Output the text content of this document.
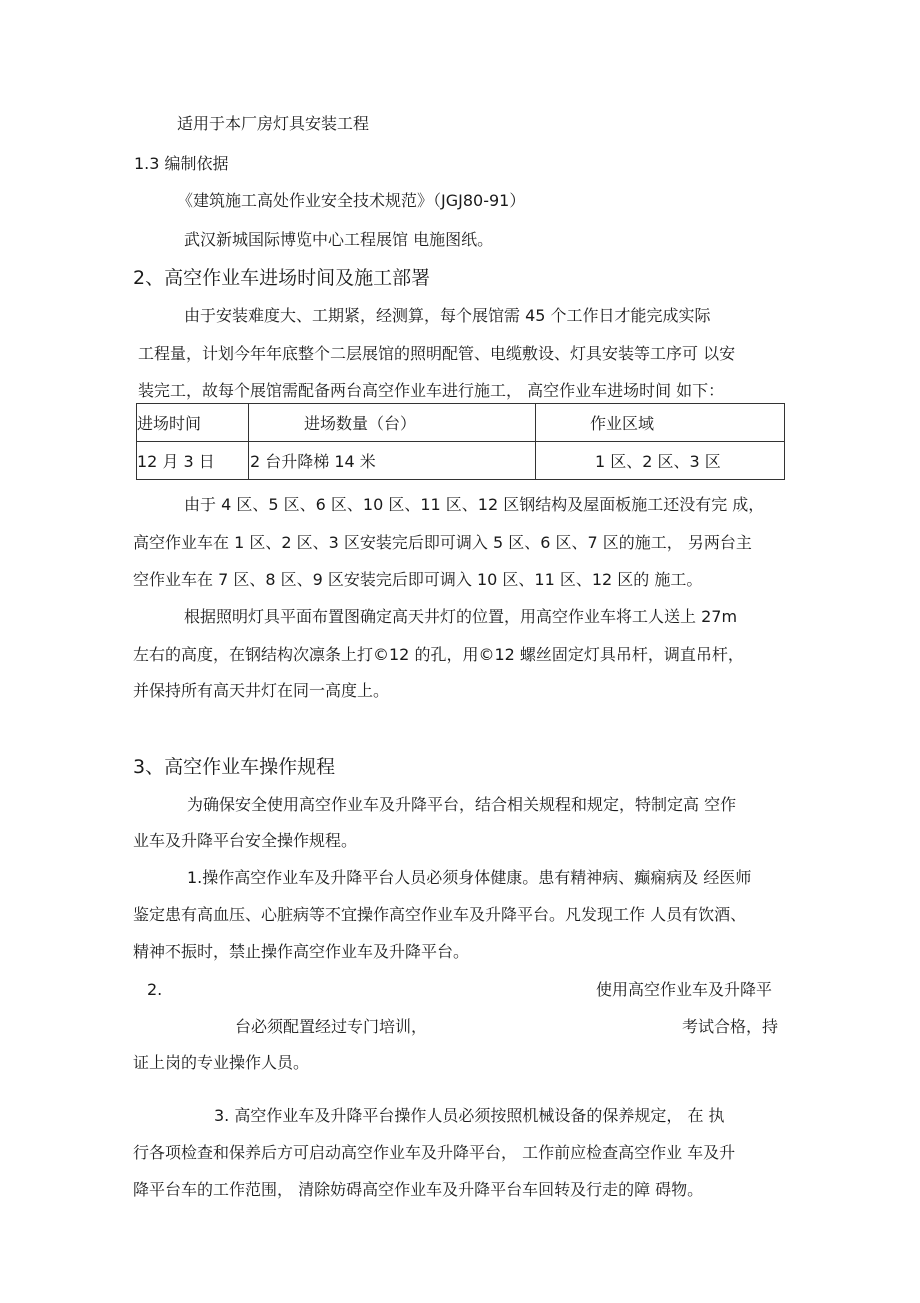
适用于本厂房灯具安装工程
1.3 编制依据
《建筑施工高处作业安全技术规范》（JGJ80-91）
武汉新城国际博览中心工程展馆 电施图纸。
2、高空作业车进场时间及施工部署
由于安装难度大、工期紧，经测算，每个展馆需 45 个工作日才能完成实际
工程量，计划今年年底整个二层展馆的照明配管、电缆敷设、灯具安装等工序可 以安
装完工，故每个展馆需配备两台高空作业车进行施工， 高空作业车进场时间 如下：
进场时间	进场数量（台）	作业区域
12 月 3 日	2 台升降梯 14 米	1 区、2 区、3 区
由于 4 区、5 区、6 区、10 区、11 区、12 区钢结构及屋面板施工还没有完 成，
高空作业车在 1 区、2 区、3 区安装完后即可调入 5 区、6 区、7 区的施工， 另两台主
空作业车在 7 区、8 区、9 区安装完后即可调入 10 区、11 区、12 区的 施工。
根据照明灯具平面布置图确定高天井灯的位置，用高空作业车将工人送上 27m
左右的高度，在钢结构次凛条上打©12 的孔，用©12 螺丝固定灯具吊杆，调直吊杆，
并保持所有高天井灯在同一高度上。
3、高空作业车操作规程
为确保安全使用高空作业车及升降平台，结合相关规程和规定，特制定高 空作
业车及升降平台安全操作规程。
1.操作高空作业车及升降平台人员必须身体健康。患有精神病、癫痫病及 经医师
鉴定患有高血压、心脏病等不宜操作高空作业车及升降平台。凡发现工作 人员有饮酒、
精神不振时，禁止操作高空作业车及升降平台。
2.	使用高空作业车及升降平
台必须配置经过专门培训，	考试合格，持
证上岗的专业操作人员。
3. 高空作业车及升降平台操作人员必须按照机械设备的保养规定， 在 执
行各项检查和保养后方可启动高空作业车及升降平台， 工作前应检查高空作业 车及升
降平台车的工作范围， 清除妨碍高空作业车及升降平台车回转及行走的障 碍物。
